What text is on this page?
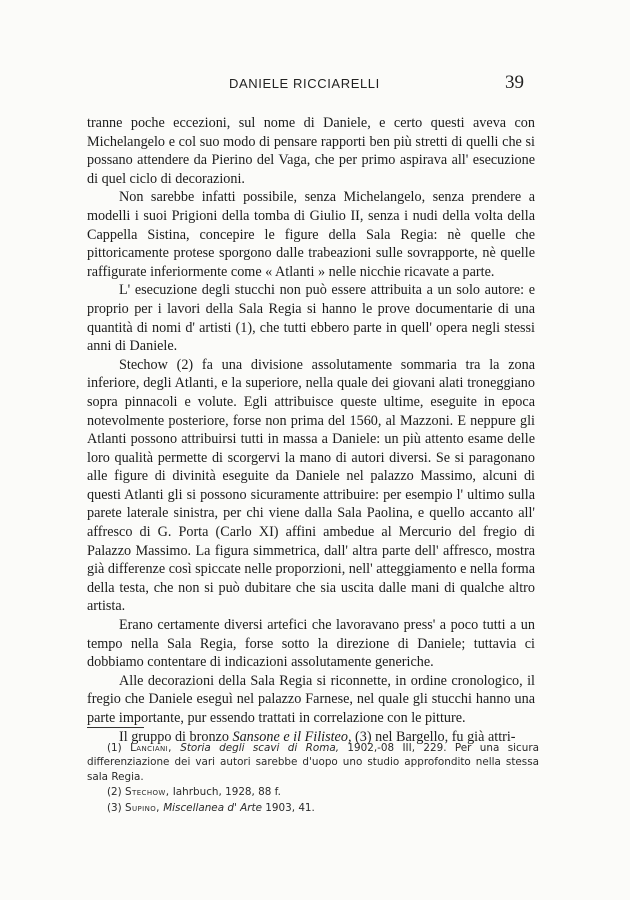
DANIELE RICCIARELLI	39

tranne poche eccezioni, sul nome di Daniele, e certo questi aveva con Michelangelo e col suo modo di pensare rapporti ben più stretti di quelli che si possano attendere da Pierino del Vaga, che per primo aspirava all' esecuzione di quel ciclo di decorazioni.

Non sarebbe infatti possibile, senza Michelangelo, senza prendere a modelli i suoi Prigioni della tomba di Giulio II, senza i nudi della volta della Cappella Sistina, concepire le figure della Sala Regia: nè quelle che pittoricamente protese sporgono dalle trabeazioni sulle sovrapporte, nè quelle raffigurate inferiormente come « Atlanti » nelle nicchie ricavate a parte.

L' esecuzione degli stucchi non può essere attribuita a un solo autore: e proprio per i lavori della Sala Regia si hanno le prove documentarie di una quantità di nomi d' artisti (1), che tutti ebbero parte in quell' opera negli stessi anni di Daniele.

Stechow (2) fa una divisione assolutamente sommaria tra la zona inferiore, degli Atlanti, e la superiore, nella quale dei giovani alati troneggiano sopra pinnacoli e volute. Egli attribuisce queste ultime, eseguite in epoca notevolmente posteriore, forse non prima del 1560, al Mazzoni. E neppure gli Atlanti possono attribuirsi tutti in massa a Daniele: un più attento esame delle loro qualità permette di scorgervi la mano di autori diversi. Se si paragonano alle figure di divinità eseguite da Daniele nel palazzo Massimo, alcuni di questi Atlanti gli si possono sicuramente attribuire: per esempio l' ultimo sulla parete laterale sinistra, per chi viene dalla Sala Paolina, e quello accanto all' affresco di G. Porta (Carlo XI) affini ambedue al Mercurio del fregio di Palazzo Massimo. La figura simmetrica, dall' altra parte dell' affresco, mostra già differenze così spiccate nelle proporzioni, nell' atteggiamento e nella forma della testa, che non si può dubitare che sia uscita dalle mani di qualche altro artista.

Erano certamente diversi artefici che lavoravano press' a poco tutti a un tempo nella Sala Regia, forse sotto la direzione di Daniele; tuttavia ci dobbiamo contentare di indicazioni assolutamente generiche.

Alle decorazioni della Sala Regia si riconnette, in ordine cronologico, il fregio che Daniele eseguì nel palazzo Farnese, nel quale gli stucchi hanno una parte importante, pur essendo trattati in correlazione con le pitture.

Il gruppo di bronzo Sansone e il Filisteo, (3) nel Bargello, fu già attri-

(1) Lanciani, Storia degli scavi di Roma, 1902,-08 III, 229. Per una sicura differenziazione dei vari autori sarebbe d'uopo uno studio approfondito nella stessa sala Regia.

(2) Stechow, Iahrbuch, 1928, 88 f.

(3) Supino, Miscellanea d' Arte 1903, 41.
